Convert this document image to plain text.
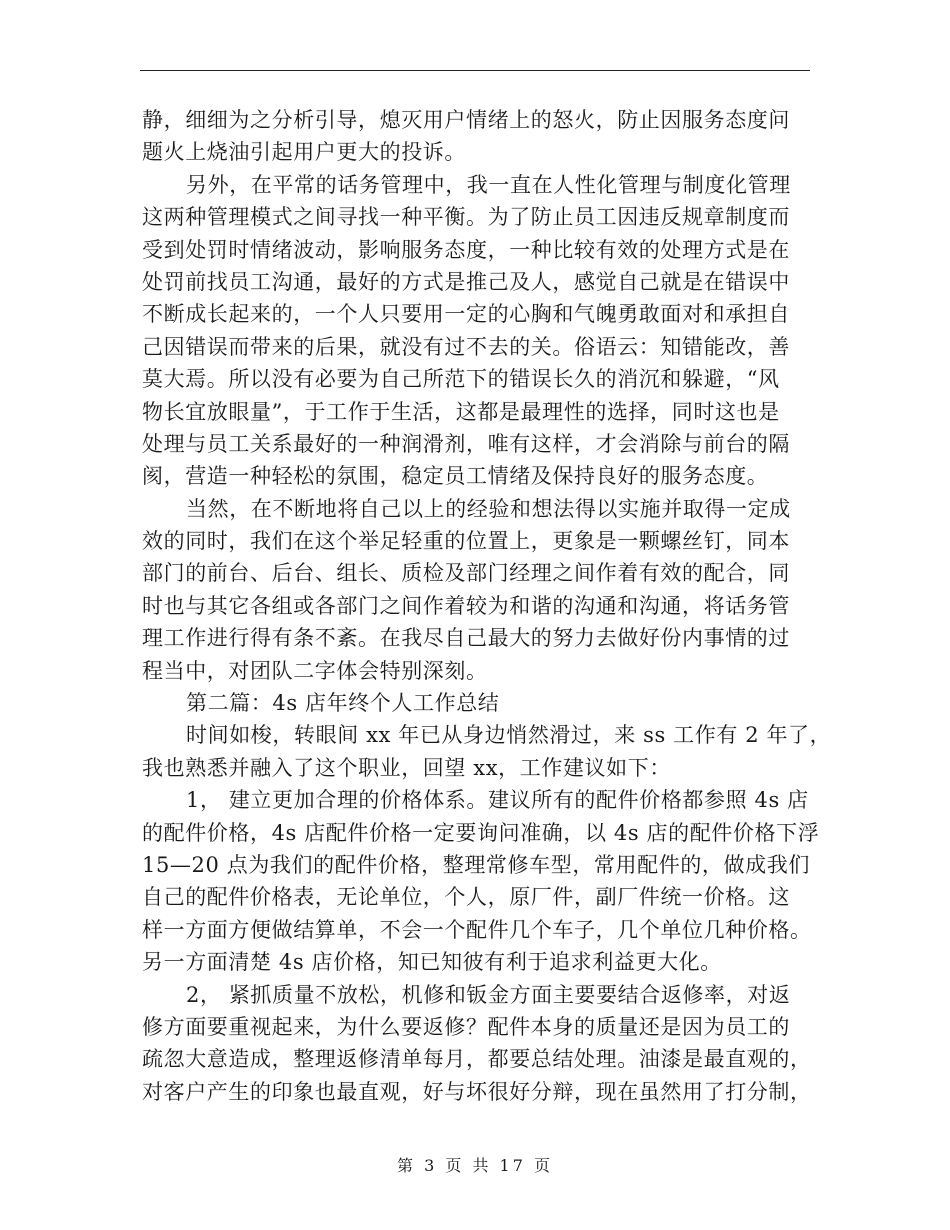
静，细细为之分析引导，熄灭用户情绪上的怒火，防止因服务态度问
题火上烧油引起用户更大的投诉。
另外，在平常的话务管理中，我一直在人性化管理与制度化管理
这两种管理模式之间寻找一种平衡。为了防止员工因违反规章制度而
受到处罚时情绪波动，影响服务态度，一种比较有效的处理方式是在
处罚前找员工沟通，最好的方式是推己及人，感觉自己就是在错误中
不断成长起来的，一个人只要用一定的心胸和气魄勇敢面对和承担自
己因错误而带来的后果，就没有过不去的关。俗语云：知错能改，善
莫大焉。所以没有必要为自己所范下的错误长久的消沉和躲避，“风
物长宜放眼量”，于工作于生活，这都是最理性的选择，同时这也是
处理与员工关系最好的一种润滑剂，唯有这样，才会消除与前台的隔
阂，营造一种轻松的氛围，稳定员工情绪及保持良好的服务态度。
当然，在不断地将自己以上的经验和想法得以实施并取得一定成
效的同时，我们在这个举足轻重的位置上，更象是一颗螺丝钉，同本
部门的前台、后台、组长、质检及部门经理之间作着有效的配合，同
时也与其它各组或各部门之间作着较为和谐的沟通和沟通，将话务管
理工作进行得有条不紊。在我尽自己最大的努力去做好份内事情的过
程当中，对团队二字体会特别深刻。
第二篇：4s 店年终个人工作总结
时间如梭，转眼间 xx 年已从身边悄然滑过，来 ss 工作有 2 年了，
我也熟悉并融入了这个职业，回望 xx，工作建议如下：
1， 建立更加合理的价格体系。建议所有的配件价格都参照 4s 店
的配件价格，4s 店配件价格一定要询问准确，以 4s 店的配件价格下浮
15—20 点为我们的配件价格，整理常修车型，常用配件的，做成我们
自己的配件价格表，无论单位，个人，原厂件，副厂件统一价格。这
样一方面方便做结算单，不会一个配件几个车子，几个单位几种价格。
另一方面清楚 4s 店价格，知已知彼有利于追求利益更大化。
2， 紧抓质量不放松，机修和钣金方面主要要结合返修率，对返
修方面要重视起来，为什么要返修？配件本身的质量还是因为员工的
疏忽大意造成，整理返修清单每月，都要总结处理。油漆是最直观的，
对客户产生的印象也最直观，好与坏很好分辩，现在虽然用了打分制，
第 3 页 共 17 页
